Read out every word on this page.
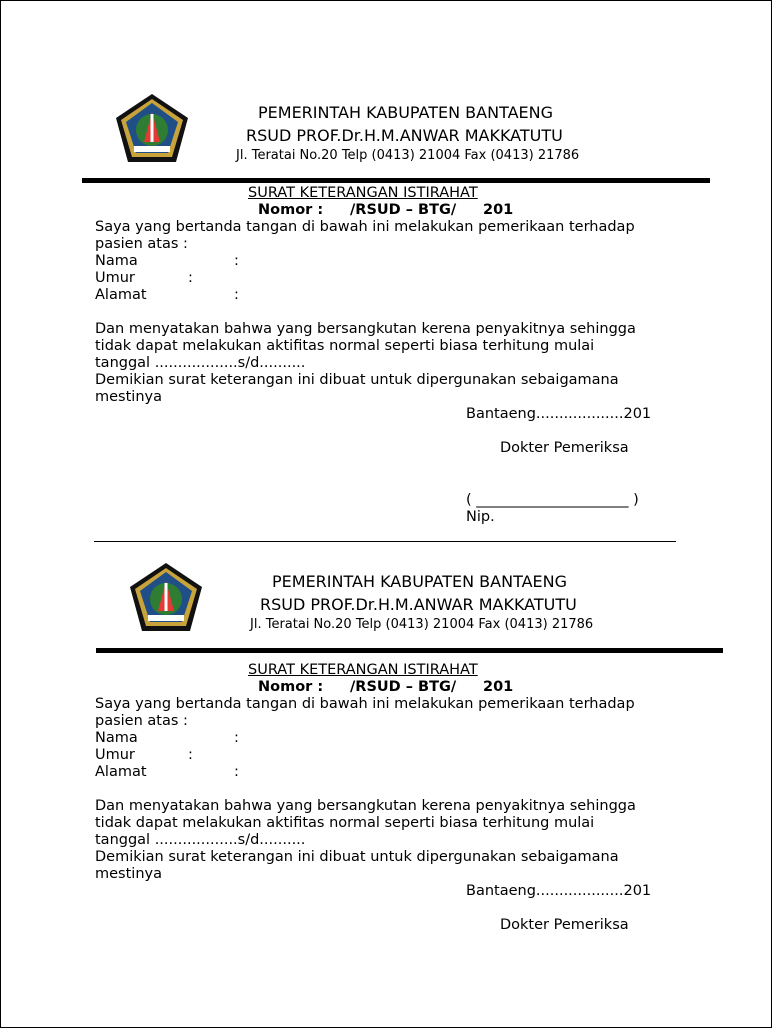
PEMERINTAH KABUPATEN BANTAENG
RSUD PROF.Dr.H.M.ANWAR MAKKATUTU
Jl. Teratai No.20 Telp (0413) 21004 Fax (0413) 21786
SURAT KETERANGAN ISTIRAHAT
Nomor : /RSUD – BTG/ 201
Saya yang bertanda tangan di bawah ini melakukan pemerikaan terhadap
pasien atas :
Nama	:
Umur	:
Alamat	:
Dan menyatakan bahwa yang bersangkutan kerena penyakitnya sehingga
tidak dapat melakukan aktifitas normal seperti biasa terhitung mulai
tanggal ..................s/d..........
Demikian surat keterangan ini dibuat untuk dipergunakan sebaigamana
mestinya
Bantaeng...................201
Dokter Pemeriksa
( _____________________ )
Nip.
PEMERINTAH KABUPATEN BANTAENG
RSUD PROF.Dr.H.M.ANWAR MAKKATUTU
Jl. Teratai No.20 Telp (0413) 21004 Fax (0413) 21786
SURAT KETERANGAN ISTIRAHAT
Nomor : /RSUD – BTG/ 201
Saya yang bertanda tangan di bawah ini melakukan pemerikaan terhadap
pasien atas :
Nama	:
Umur	:
Alamat	:
Dan menyatakan bahwa yang bersangkutan kerena penyakitnya sehingga
tidak dapat melakukan aktifitas normal seperti biasa terhitung mulai
tanggal ..................s/d..........
Demikian surat keterangan ini dibuat untuk dipergunakan sebaigamana
mestinya
Bantaeng...................201
Dokter Pemeriksa
